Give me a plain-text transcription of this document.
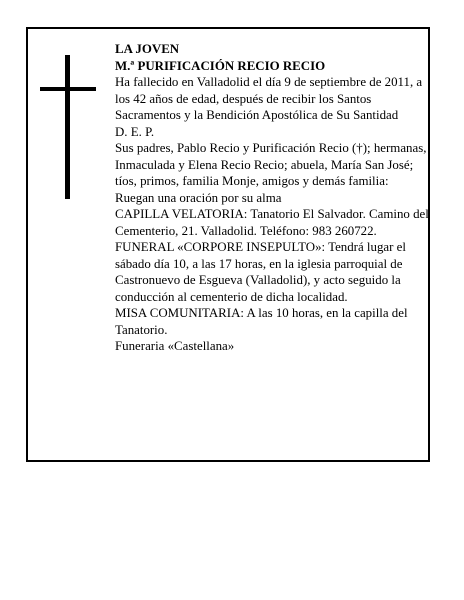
LA JOVEN

M.ª PURIFICACIÓN RECIO RECIO

Ha fallecido en Valladolid el día 9 de septiembre de 2011, a los 42 años de edad, después de recibir los Santos Sacramentos y la Bendición Apostólica de Su Santidad

D. E. P.

Sus padres, Pablo Recio y Purificación Recio (†); hermanas, Inmaculada y Elena Recio Recio; abuela, María San José; tíos, primos, familia Monje, amigos y demás familia:

Ruegan una oración por su alma

CAPILLA VELATORIA: Tanatorio El Salvador. Camino del Cementerio, 21. Valladolid. Teléfono: 983 260722.

FUNERAL «CORPORE INSEPULTO»: Tendrá lugar el sábado día 10, a las 17 horas, en la iglesia parroquial de Castronuevo de Esgueva (Valladolid), y acto seguido la conducción al cementerio de dicha localidad.

MISA COMUNITARIA: A las 10 horas, en la capilla del Tanatorio.

Funeraria «Castellana»
